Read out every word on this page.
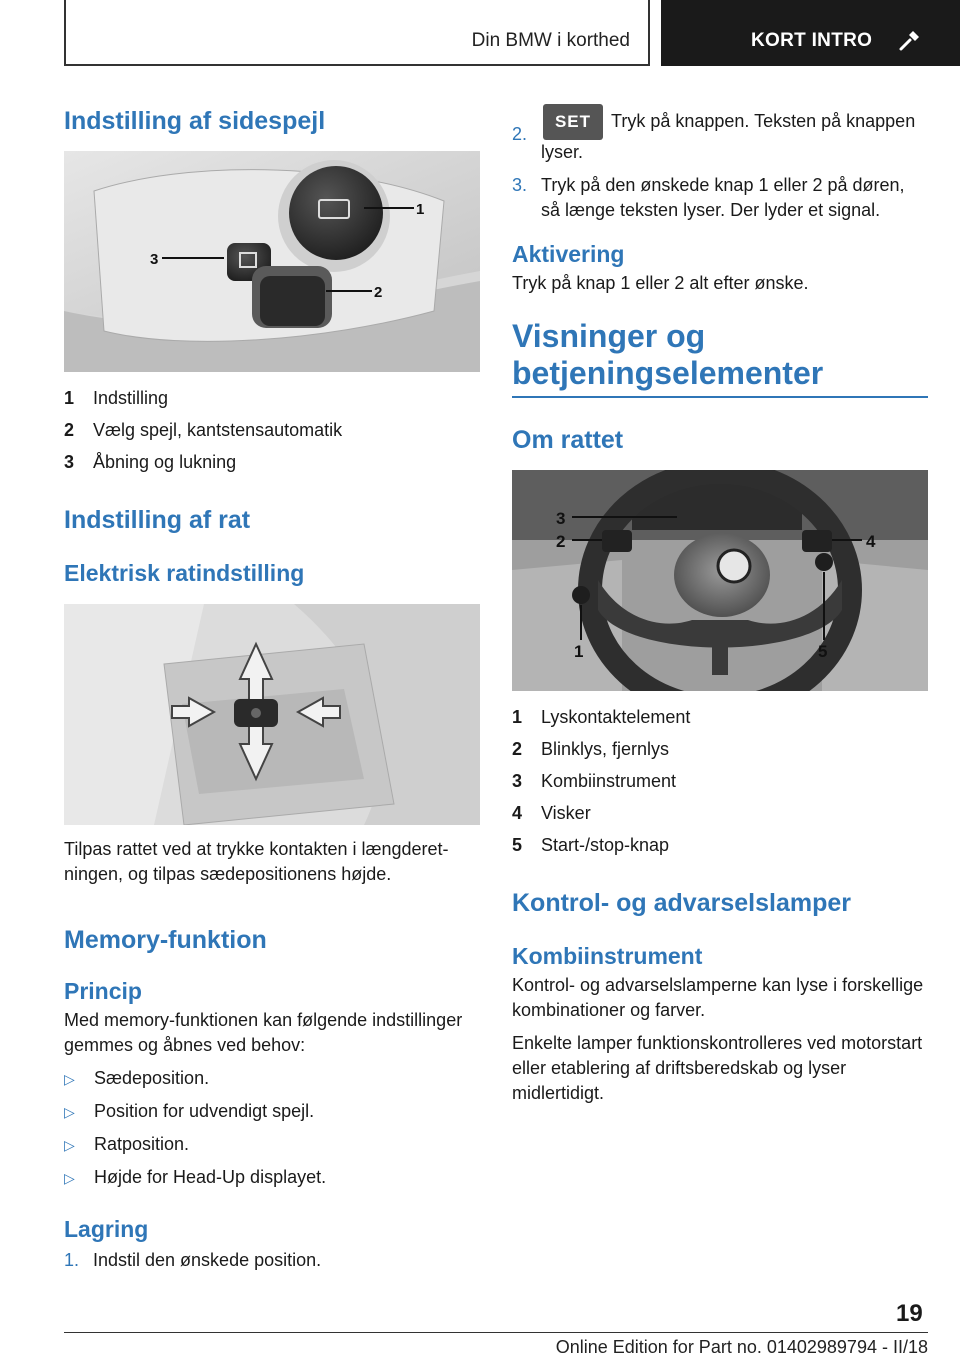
Din BMW i korthed	KORT INTRO
Indstilling af sidespejl
1
2
3
1	Indstilling
2	Vælg spejl, kantstensautomatik
3	Åbning og lukning
Indstilling af rat
Elektrisk ratindstilling
Tilpas rattet ved at trykke kontakten i længderetningen, og tilpas sædepositionens højde.
Memory-funktion
Princip
Med memory-funktionen kan følgende indstillinger gemmes og åbnes ved behov:
▷	Sædeposition.
▷	Position for udvendigt spejl.
▷	Ratposition.
▷	Højde for Head-Up displayet.
Lagring
1. Indstil den ønskede position.
2.
SET Tryk på knappen. Teksten på knappen lyser.
3. Tryk på den ønskede knap 1 eller 2 på døren, så længe teksten lyser. Der lyder et signal.
Aktivering
Tryk på knap 1 eller 2 alt efter ønske.
Visninger og
betjeningselementer
Om rattet
3
2	4
1	5
1	Lyskontaktelement
2	Blinklys, fjernlys
3	Kombiinstrument
4	Visker
5	Start-/stop-knap
Kontrol- og advarselslamper
Kombiinstrument
Kontrol- og advarselslamperne kan lyse i forskellige kombinationer og farver.
Enkelte lamper funktionskontrolleres ved motorstart eller etablering af driftsberedskab og lyser midlertidigt.
19
Online Edition for Part no. 01402989794 - II/18
